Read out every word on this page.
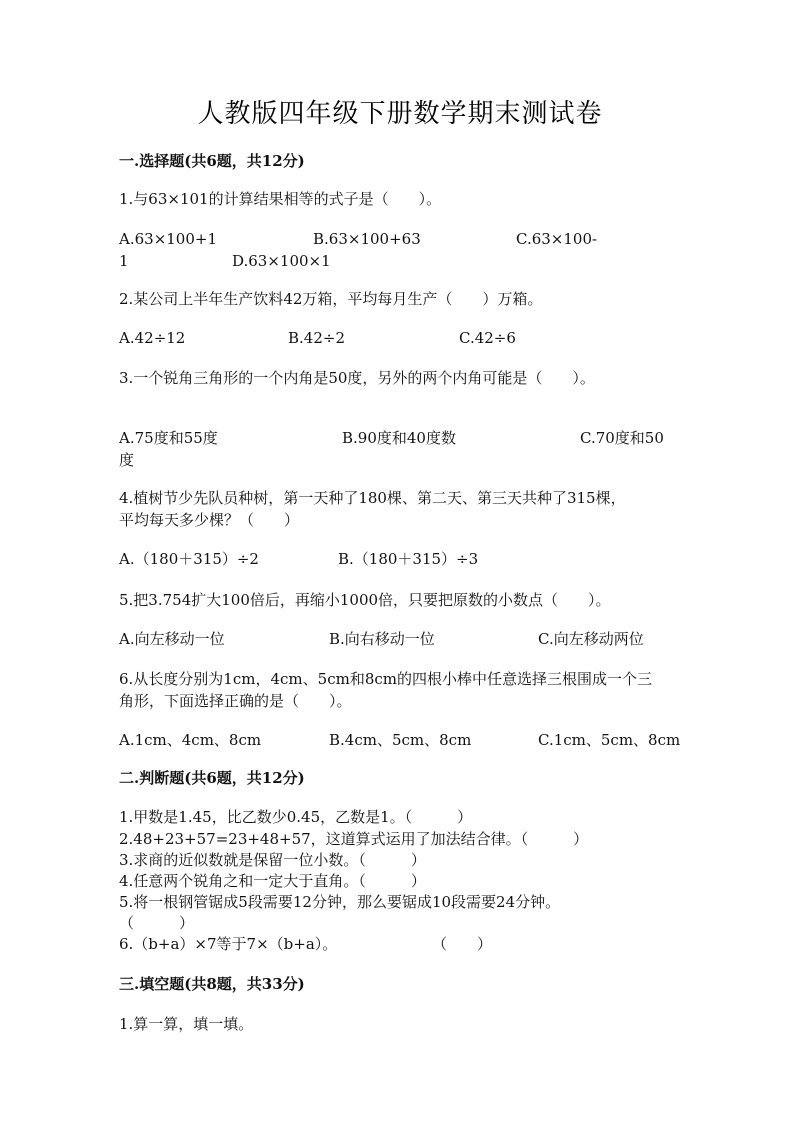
人教版四年级下册数学期末测试卷
一.选择题(共6题，共12分)
1.与63×101的计算结果相等的式子是（　　）。
A.63×100+1	B.63×100+63	C.63×100-
1	D.63×100×1
2.某公司上半年生产饮料42万箱，平均每月生产（　　）万箱。
A.42÷12	B.42÷2	C.42÷6
3.一个锐角三角形的一个内角是50度，另外的两个内角可能是（　　）。
A.75度和55度	B.90度和40度数	C.70度和50
度
4.植树节少先队员种树，第一天种了180棵、第二天、第三天共种了315棵，
平均每天多少棵？（　　）
A.（180＋315）÷2	B.（180＋315）÷3
5.把3.754扩大100倍后，再缩小1000倍，只要把原数的小数点（　　）。
A.向左移动一位	B.向右移动一位	C.向左移动两位
6.从长度分别为1cm，4cm、5cm和8cm的四根小棒中任意选择三根围成一个三
角形，下面选择正确的是（　　）。
A.1cm、4cm、8cm	B.4cm、5cm、8cm	C.1cm、5cm、8cm
二.判断题(共6题，共12分)
1.甲数是1.45，比乙数少0.45，乙数是1。（　　　）
2.48+23+57=23+48+57，这道算式运用了加法结合律。（　　　）
3.求商的近似数就是保留一位小数。（　　　）
4.任意两个锐角之和一定大于直角。（　　　）
5.将一根钢管锯成5段需要12分钟，那么要锯成10段需要24分钟。
（　　　）
6.（b+a）×7等于7×（b+a）。	（　　）
三.填空题(共8题，共33分)
1.算一算，填一填。
